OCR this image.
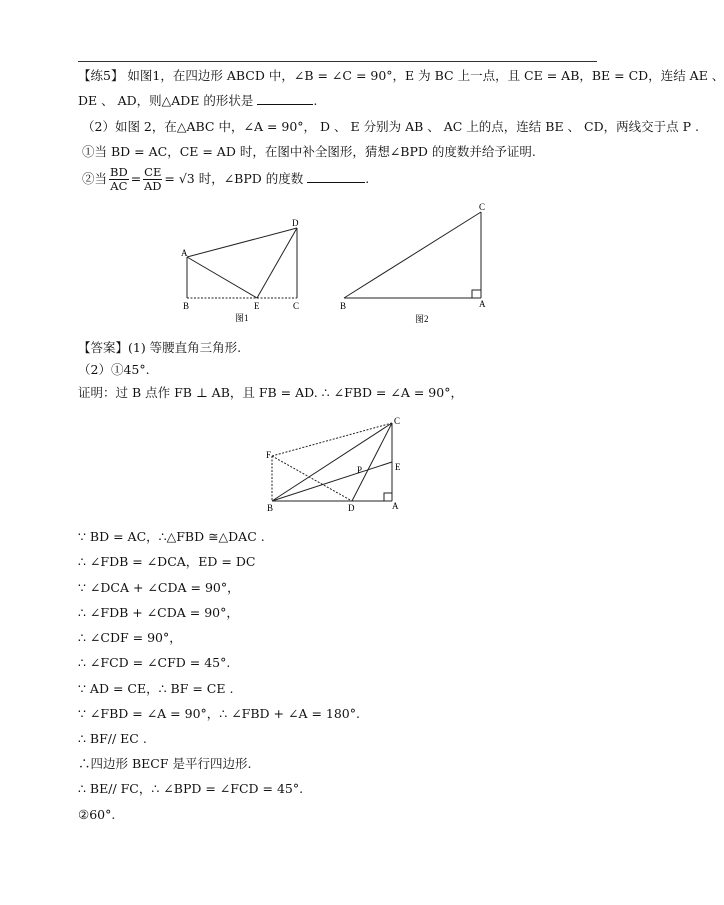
【练5】 如图1，在四边形 ABCD 中，∠B = ∠C = 90°，E 为 BC 上一点，且 CE = AB，BE = CD，连结 AE 、
DE 、 AD，则△ADE 的形状是	.
（2）如图 2，在△ABC 中，∠A = 90°， D 、 E 分别为 AB 、 AC 上的点，连结 BE 、 CD，两线交于点 P .
①当 BD = AC，CE = AD 时，在图中补全图形，猜想∠BPD 的度数并给予证明.
②当 $\frac{BD}{AC} = \frac{CE}{AD} = √3$ 时，∠BPD 的度数	.
A
B	C
D
E
图1
C
B	A
图2
【答案】(1) 等腰直角三角形.
（2）①45°.
证明：过 B 点作 FB ⊥ AB，且 FB = AD. ∴ ∠FBD = ∠A = 90°，
C
F
E
P
B	D	A
∵ BD = AC，∴△FBD ≅△DAC .
∴ ∠FDB = ∠DCA，ED = DC
∵ ∠DCA + ∠CDA = 90°，
∴ ∠FDB + ∠CDA = 90°，
∴ ∠CDF = 90°，
∴ ∠FCD = ∠CFD = 45°.
∵ AD = CE，∴ BF = CE .
∵ ∠FBD = ∠A = 90°，∴ ∠FBD + ∠A = 180°.
∴ BF// EC .
∴四边形 BECF 是平行四边形.
∴ BE// FC，∴ ∠BPD = ∠FCD = 45°.
②60°.
